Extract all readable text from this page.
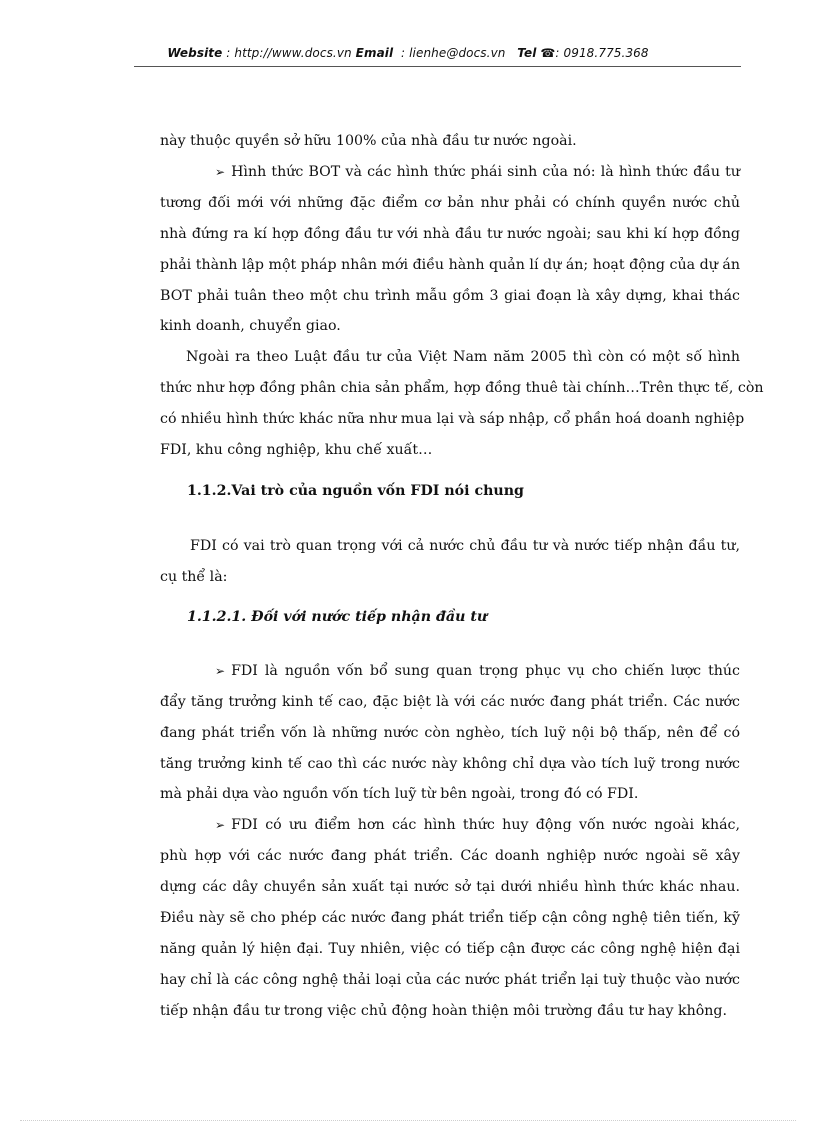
Website : http://www.docs.vn Email  : lienhe@docs.vn Tel ☎: 0918.775.368
này thuộc quyền sở hữu 100% của nhà đầu tư nước ngoài.
➢ Hình thức BOT và các hình thức phái sinh của nó: là hình thức đầu tư
tương đối mới với những đặc điểm cơ bản như phải có chính quyền nước chủ
nhà đứng ra kí hợp đồng đầu tư với nhà đầu tư nước ngoài; sau khi kí hợp đồng
phải thành lập một pháp nhân mới điều hành quản lí dự án; hoạt động của dự án
BOT phải tuân theo một chu trình mẫu gồm 3 giai đoạn là xây dựng, khai thác
kinh doanh, chuyển giao.
Ngoài ra theo Luật đầu tư của Việt Nam năm 2005 thì còn có một số hình
thức như hợp đồng phân chia sản phẩm, hợp đồng thuê tài chính…Trên thực tế, còn
có nhiều hình thức khác nữa như mua lại và sáp nhập, cổ phần hoá doanh nghiệp
FDI, khu công nghiệp, khu chế xuất…
1.1.2.Vai trò của nguồn vốn FDI nói chung
FDI có vai trò quan trọng với cả nước chủ đầu tư và nước tiếp nhận đầu tư,
cụ thể là:
1.1.2.1. Đối với nước tiếp nhận đầu tư
➢ FDI là nguồn vốn bổ sung quan trọng phục vụ cho chiến lược thúc
đẩy tăng trưởng kinh tế cao, đặc biệt là với các nước đang phát triển. Các nước
đang phát triển vốn là những nước còn nghèo, tích luỹ nội bộ thấp, nên để có
tăng trưởng kinh tế cao thì các nước này không chỉ dựa vào tích luỹ trong nước
mà phải dựa vào nguồn vốn tích luỹ từ bên ngoài, trong đó có FDI.
➢ FDI có ưu điểm hơn các hình thức huy động vốn nước ngoài khác,
phù hợp với các nước đang phát triển. Các doanh nghiệp nước ngoài sẽ xây
dựng các dây chuyền sản xuất tại nước sở tại dưới nhiều hình thức khác nhau.
Điều này sẽ cho phép các nước đang phát triển tiếp cận công nghệ tiên tiến, kỹ
năng quản lý hiện đại. Tuy nhiên, việc có tiếp cận được các công nghệ hiện đại
hay chỉ là các công nghệ thải loại của các nước phát triển lại tuỳ thuộc vào nước
tiếp nhận đầu tư trong việc chủ động hoàn thiện môi trường đầu tư hay không.
